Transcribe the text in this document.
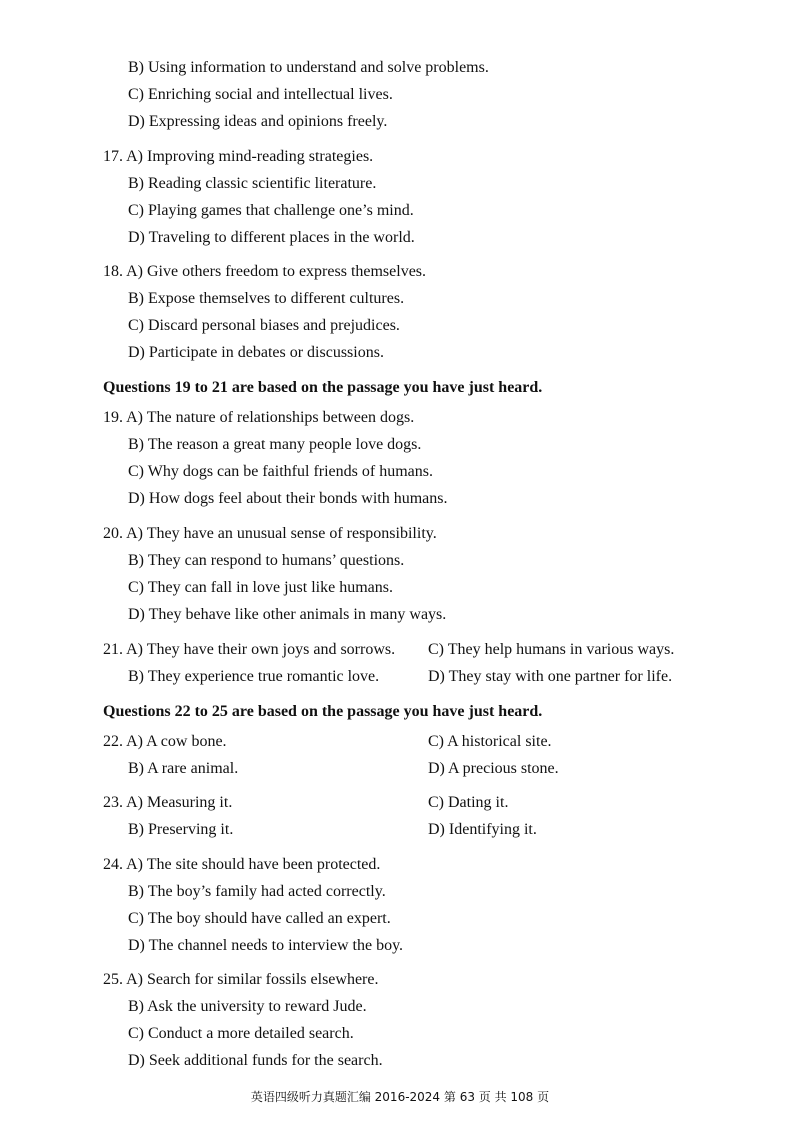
B) Using information to understand and solve problems.
C) Enriching social and intellectual lives.
D) Expressing ideas and opinions freely.
17. A) Improving mind-reading strategies.
B) Reading classic scientific literature.
C) Playing games that challenge one’s mind.
D) Traveling to different places in the world.
18. A) Give others freedom to express themselves.
B) Expose themselves to different cultures.
C) Discard personal biases and prejudices.
D) Participate in debates or discussions.
Questions 19 to 21 are based on the passage you have just heard.
19. A) The nature of relationships between dogs.
B) The reason a great many people love dogs.
C) Why dogs can be faithful friends of humans.
D) How dogs feel about their bonds with humans.
20. A) They have an unusual sense of responsibility.
B) They can respond to humans’ questions.
C) They can fall in love just like humans.
D) They behave like other animals in many ways.
21. A) They have their own joys and sorrows. C) They help humans in various ways.
B) They experience true romantic love.	D) They stay with one partner for life.
Questions 22 to 25 are based on the passage you have just heard.
22. A) A cow bone.	C) A historical site.
B) A rare animal.	D) A precious stone.
23. A) Measuring it.	C) Dating it.
B) Preserving it.	D) Identifying it.
24. A) The site should have been protected.
B) The boy’s family had acted correctly.
C) The boy should have called an expert.
D) The channel needs to interview the boy.
25. A) Search for similar fossils elsewhere.
B) Ask the university to reward Jude.
C) Conduct a more detailed search.
D) Seek additional funds for the search.
英语四级听力真题汇编 2016-2024 第 63 页 共 108 页
